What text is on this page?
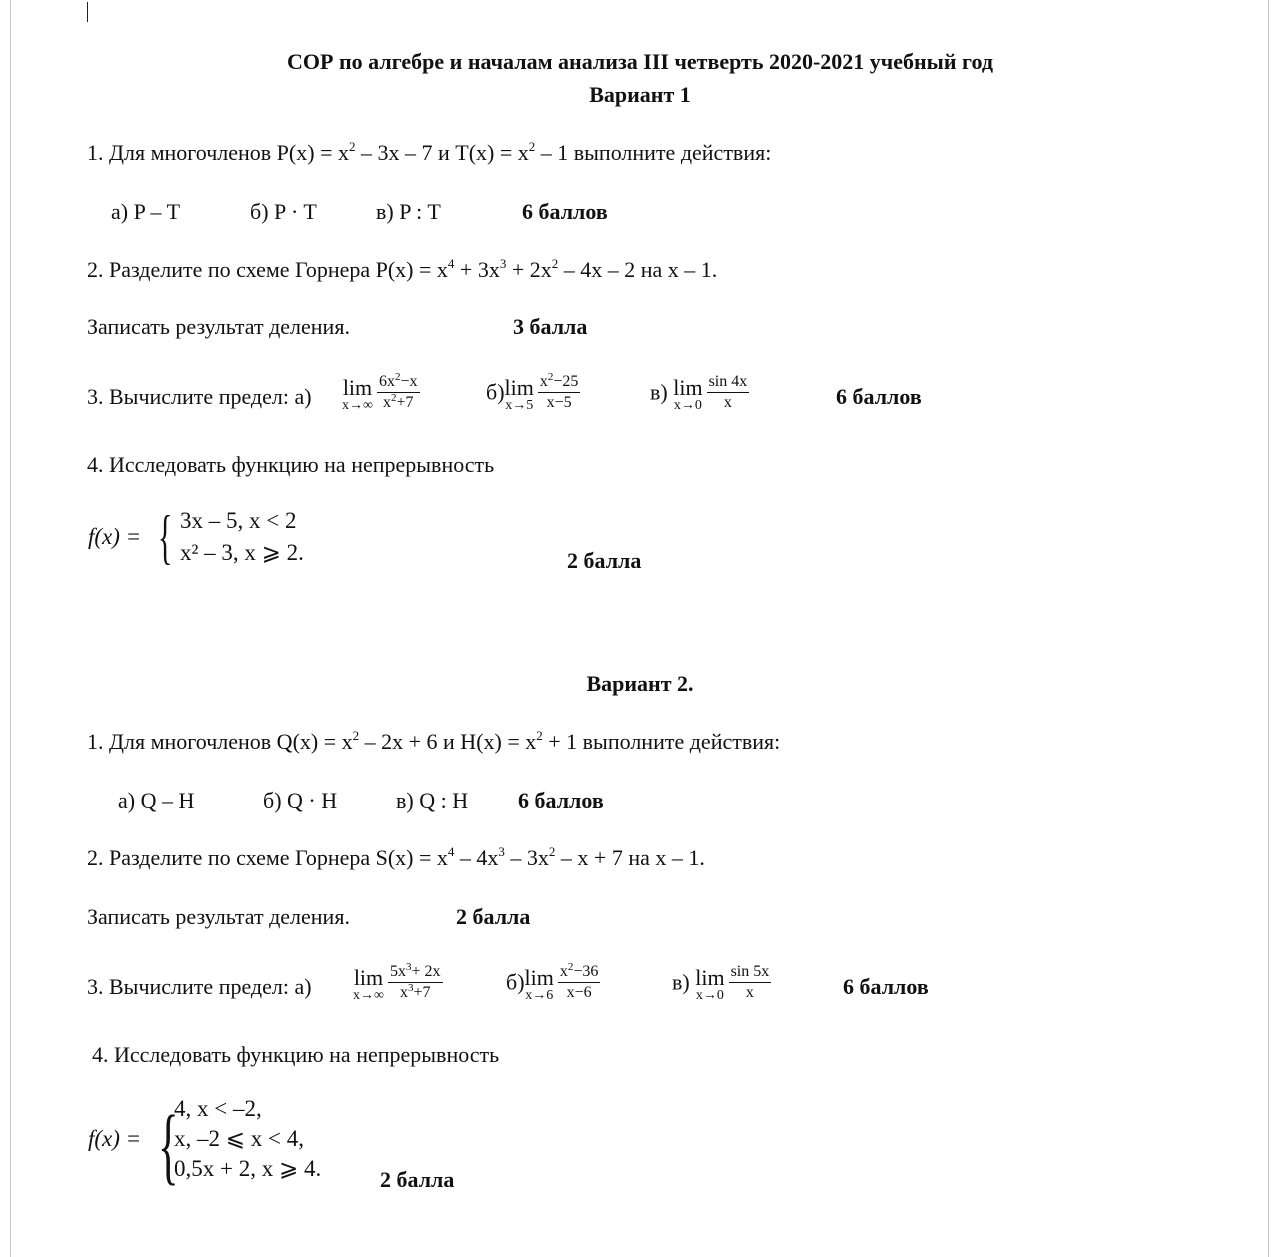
СОР по алгебре и началам анализа III четверть 2020-2021 учебный год
Вариант 1
1. Для многочленов $P(x) = x^2 - 3x - 7$ и $T(x) = x^2 - 1$ выполните действия:
а) P – T	б) P · T	в) P : T	6 баллов
2. Разделите по схеме Горнера $P(x) = x^4 + 3x^3 + 2x^2 - 4x - 2$ на x – 1.
Записать результат деления.	3 балла
3. Вычислите предел: а) lim
$x\to\infty \frac{6x^2-x}{x^2+7}$	б) lim
$x\to 5 \frac{x^2-25}{x-5}$	в) lim
$x\to 0 \frac{\sin 4x}{x}$	6 баллов
4. Исследовать функцию на непрерывность
f(x) = { 3x – 5, x < 2
x² – 3, x ⩾ 2.	2 балла
Вариант 2.
1. Для многочленов $Q(x) = x^2 - 2x + 6$ и $H(x) = x^2 + 1$ выполните действия:
а) Q – H	б) Q · H	в) Q : H 6 баллов
2. Разделите по схеме Горнера $S(x) = x^4 - 4x^3 - 3x^2 - x + 7$ на x – 1.
Записать результат деления.	2 балла
3. Вычислите предел: а) lim
$x\to\infty \frac{5x^3+ 2x}{x^3+7}$	б) lim
$x\to 6 \frac{x^2-36}{x-6}$	в) lim
$x\to 0 \frac{\sin 5x}{x}$	6 баллов
4. Исследовать функцию на непрерывность
f(x) = {
4, x < –2,
x, –2 ⩽ x < 4,
0,5x + 2, x ⩾ 4.	2 балла
